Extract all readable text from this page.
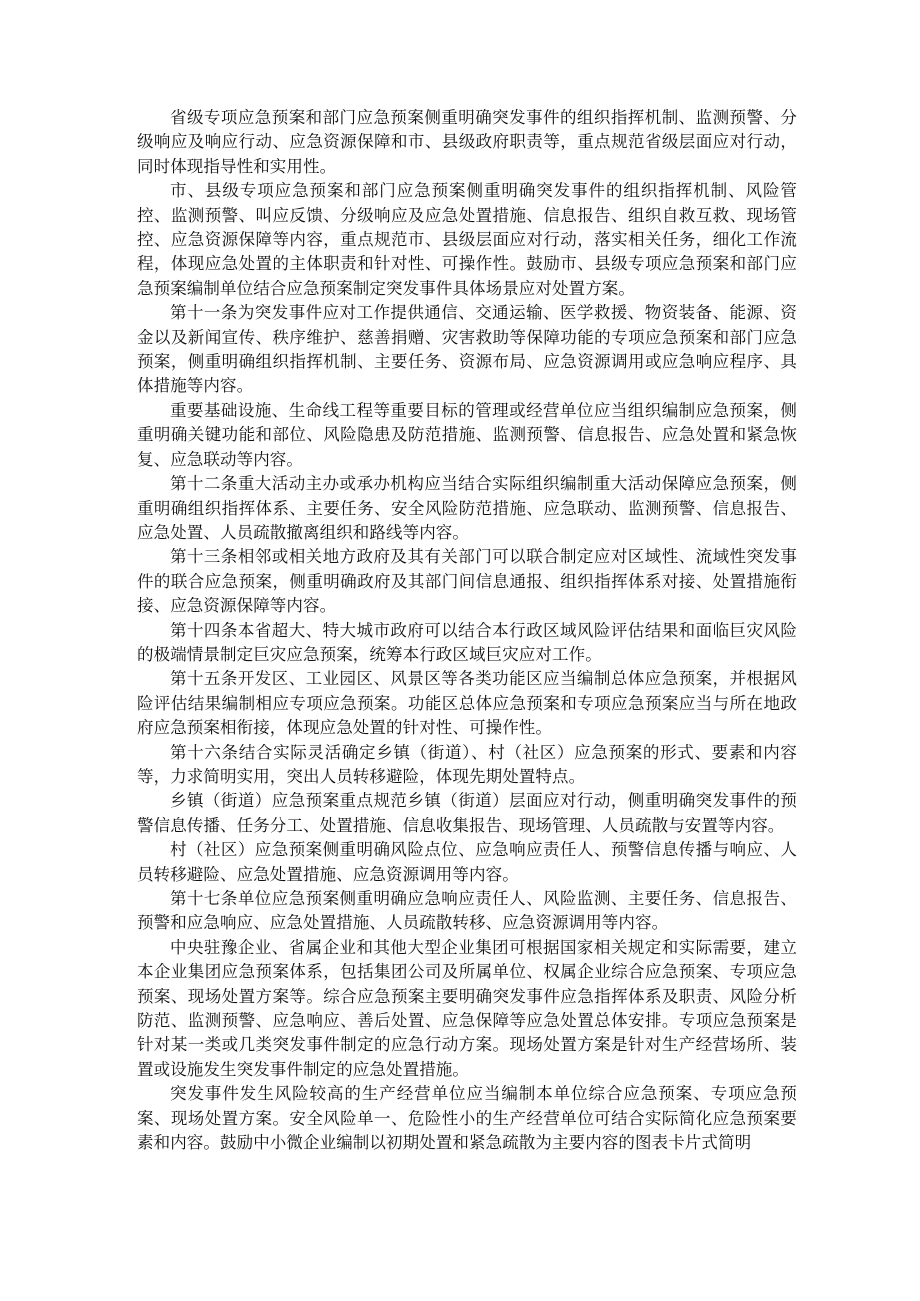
省级专项应急预案和部门应急预案侧重明确突发事件的组织指挥机制、监测预警、分级响应及响应行动、应急资源保障和市、县级政府职责等，重点规范省级层面应对行动，同时体现指导性和实用性。

市、县级专项应急预案和部门应急预案侧重明确突发事件的组织指挥机制、风险管控、监测预警、叫应反馈、分级响应及应急处置措施、信息报告、组织自救互救、现场管控、应急资源保障等内容，重点规范市、县级层面应对行动，落实相关任务，细化工作流程，体现应急处置的主体职责和针对性、可操作性。鼓励市、县级专项应急预案和部门应急预案编制单位结合应急预案制定突发事件具体场景应对处置方案。

第十一条为突发事件应对工作提供通信、交通运输、医学救援、物资装备、能源、资金以及新闻宣传、秩序维护、慈善捐赠、灾害救助等保障功能的专项应急预案和部门应急预案，侧重明确组织指挥机制、主要任务、资源布局、应急资源调用或应急响应程序、具体措施等内容。

重要基础设施、生命线工程等重要目标的管理或经营单位应当组织编制应急预案，侧重明确关键功能和部位、风险隐患及防范措施、监测预警、信息报告、应急处置和紧急恢复、应急联动等内容。

第十二条重大活动主办或承办机构应当结合实际组织编制重大活动保障应急预案，侧重明确组织指挥体系、主要任务、安全风险防范措施、应急联动、监测预警、信息报告、应急处置、人员疏散撤离组织和路线等内容。

第十三条相邻或相关地方政府及其有关部门可以联合制定应对区域性、流域性突发事件的联合应急预案，侧重明确政府及其部门间信息通报、组织指挥体系对接、处置措施衔接、应急资源保障等内容。

第十四条本省超大、特大城市政府可以结合本行政区域风险评估结果和面临巨灾风险的极端情景制定巨灾应急预案，统筹本行政区域巨灾应对工作。

第十五条开发区、工业园区、风景区等各类功能区应当编制总体应急预案，并根据风险评估结果编制相应专项应急预案。功能区总体应急预案和专项应急预案应当与所在地政府应急预案相衔接，体现应急处置的针对性、可操作性。

第十六条结合实际灵活确定乡镇（街道）、村（社区）应急预案的形式、要素和内容等，力求简明实用，突出人员转移避险，体现先期处置特点。

乡镇（街道）应急预案重点规范乡镇（街道）层面应对行动，侧重明确突发事件的预警信息传播、任务分工、处置措施、信息收集报告、现场管理、人员疏散与安置等内容。

村（社区）应急预案侧重明确风险点位、应急响应责任人、预警信息传播与响应、人员转移避险、应急处置措施、应急资源调用等内容。

第十七条单位应急预案侧重明确应急响应责任人、风险监测、主要任务、信息报告、预警和应急响应、应急处置措施、人员疏散转移、应急资源调用等内容。

中央驻豫企业、省属企业和其他大型企业集团可根据国家相关规定和实际需要，建立本企业集团应急预案体系，包括集团公司及所属单位、权属企业综合应急预案、专项应急预案、现场处置方案等。综合应急预案主要明确突发事件应急指挥体系及职责、风险分析防范、监测预警、应急响应、善后处置、应急保障等应急处置总体安排。专项应急预案是针对某一类或几类突发事件制定的应急行动方案。现场处置方案是针对生产经营场所、装置或设施发生突发事件制定的应急处置措施。

突发事件发生风险较高的生产经营单位应当编制本单位综合应急预案、专项应急预案、现场处置方案。安全风险单一、危险性小的生产经营单位可结合实际简化应急预案要素和内容。鼓励中小微企业编制以初期处置和紧急疏散为主要内容的图表卡片式简明
